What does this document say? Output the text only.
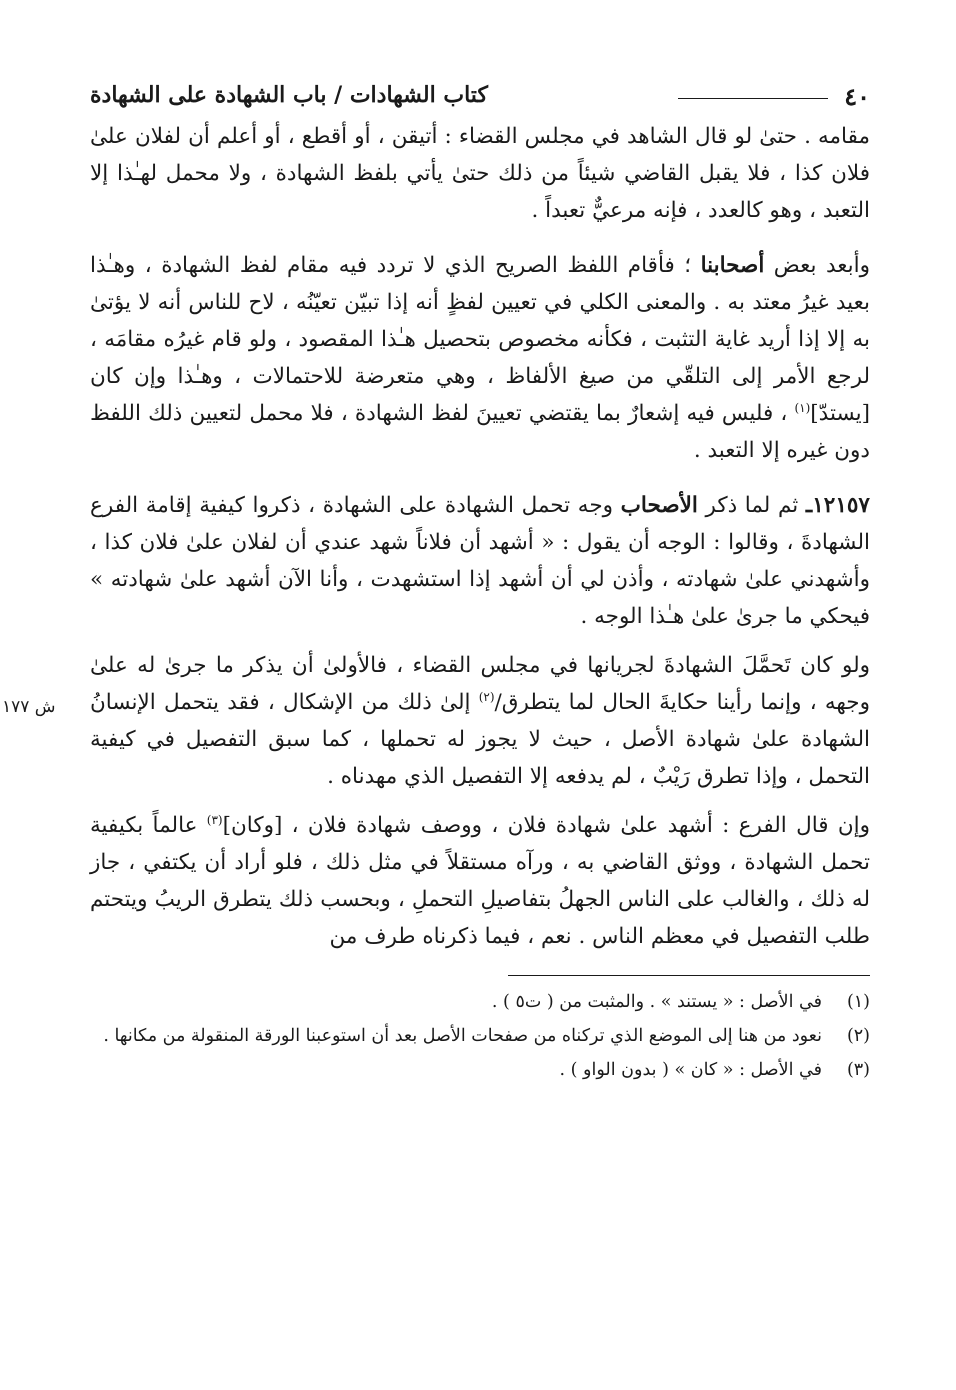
٤٠
كتاب الشهادات / باب الشهادة على الشهادة

مقامه . حتىٰ لو قال الشاهد في مجلس القضاء : أتيقن ، أو أقطع ، أو أعلم أن لفلان علىٰ فلان كذا ، فلا يقبل القاضي شيئاً من ذلك حتىٰ يأتي بلفظ الشهادة ، ولا محمل لهـٰذا إلا التعبد ، وهو كالعدد ، فإنه مرعيٌّ تعبداً .

وأبعد بعض أصحابنا ؛ فأقام اللفظ الصريح الذي لا تردد فيه مقام لفظ الشهادة ، وهـٰذا بعيد غيرُ معتد به . والمعنى الكلي في تعيين لفظٍ أنه إذا تبيّن تعيّنُه ، لاح للناس أنه لا يؤتىٰ به إلا إذا أريد غاية التثبت ، فكأنه مخصوص بتحصيل هـٰذا المقصود ، ولو قام غيرُه مقامَه ، لرجع الأمر إلى التلقّي من صيغ الألفاظ ، وهي متعرضة للاحتمالات ، وهـٰذا وإن كان [يستدّ]$^{(١)}$ ، فليس فيه إشعارٌ بما يقتضي تعيينَ لفظ الشهادة ، فلا محمل لتعيين ذلك اللفظ دون غيره إلا التعبد .

١٢١٥٧ـ ثم لما ذكر الأصحاب وجه تحمل الشهادة على الشهادة ، ذكروا كيفية إقامة الفرع الشهادةَ ، وقالوا : الوجه أن يقول : « أشهد أن فلاناً شهد عندي أن لفلان علىٰ فلان كذا ، وأشهدني علىٰ شهادته ، وأذن لي أن أشهد إذا استشهدت ، وأنا الآن أشهد علىٰ شهادته » فيحكي ما جرىٰ علىٰ هـٰذا الوجه .

ش ١٧٧
ولو كان تَحمَّلَ الشهادةَ لجريانها في مجلس القضاء ، فالأولىٰ أن يذكر ما جرىٰ له علىٰ وجهه ، وإنما رأينا حكايةَ الحال لما يتطرق/$^{(٢)}$ إلىٰ ذلك من الإشكال ، فقد يتحمل الإنسانُ الشهادة علىٰ شهادة الأصل ، حيث لا يجوز له تحملها ، كما سبق التفصيل في كيفية التحمل ، وإذا تطرق رَيْبٌ ، لم يدفعه إلا التفصيل الذي مهدناه .

وإن قال الفرع : أشهد علىٰ شهادة فلان ، ووصف شهادة فلان ، [وكان]$^{(٣)}$ عالماً بكيفية تحمل الشهادة ، ووثق القاضي به ، ورآه مستقلاً في مثل ذلك ، فلو أراد أن يكتفي ، جاز له ذلك ، والغالب على الناس الجهلُ بتفاصيلِ التحملِ ، وبحسب ذلك يتطرق الريبُ ويتحتم طلب التفصيل في معظم الناس . نعم ، فيما ذكرناه طرف من

(١)
في الأصل : « يستند » . والمثبت من ( ت٥ ) .
(٢)
نعود من هنا إلى الموضع الذي تركناه من صفحات الأصل بعد أن استوعبنا الورقة المنقولة من مكانها .
(٣)
في الأصل : « كان » ( بدون الواو ) .
